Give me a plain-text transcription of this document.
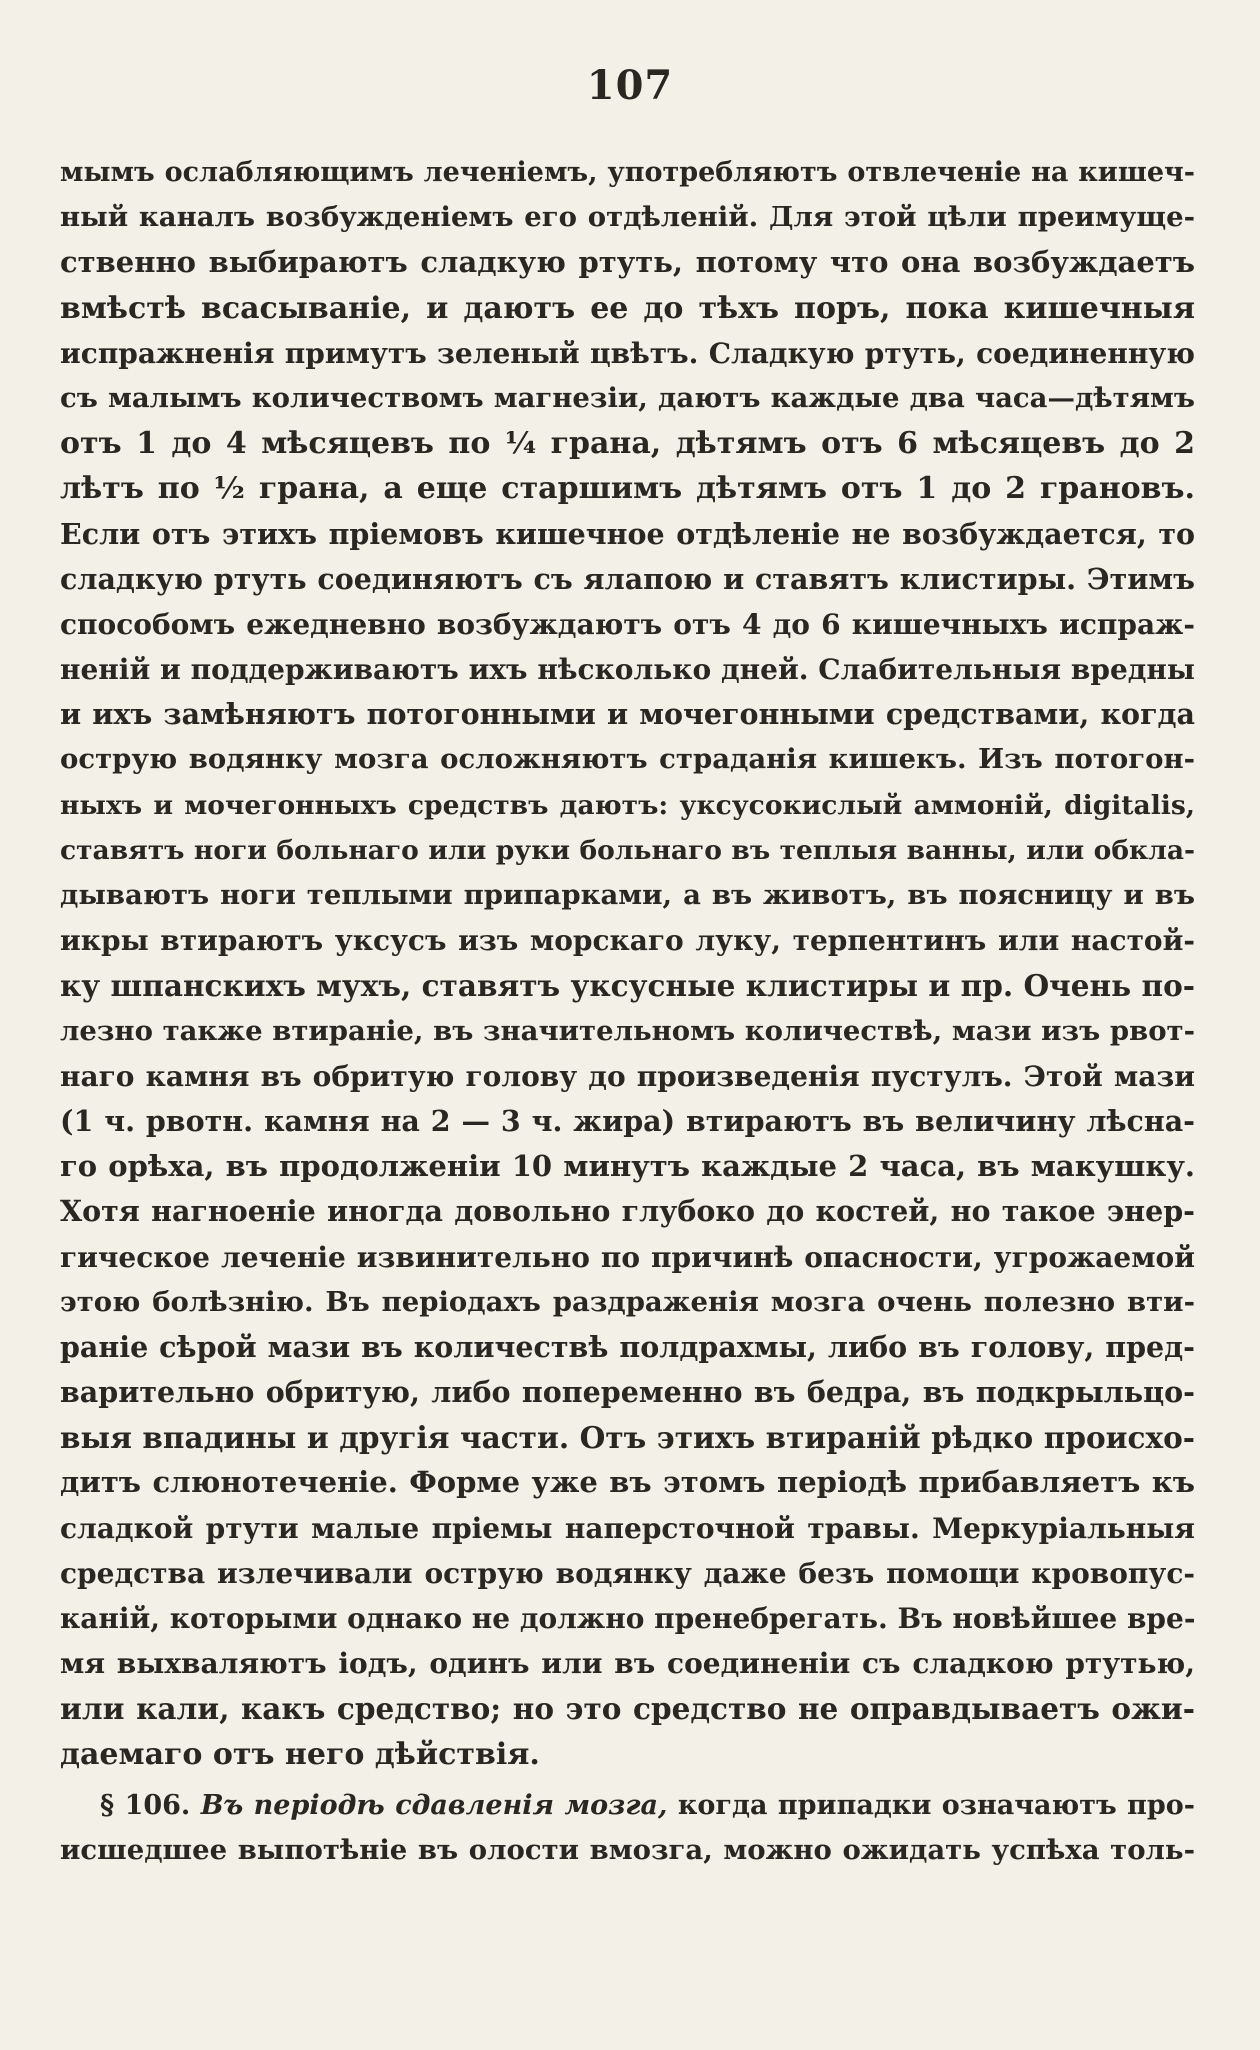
107
мымъ ослабляющимъ леченіемъ, употребляютъ отвлеченіе на кишеч-
ный каналъ возбужденіемъ его отдѣленій. Для этой цѣли преимуще-
ственно выбираютъ сладкую ртуть, потому что она возбуждаетъ
вмѣстѣ всасываніе, и даютъ ее до тѣхъ поръ, пока кишечныя
испражненія примутъ зеленый цвѣтъ. Сладкую ртуть, соединенную
съ малымъ количествомъ магнезіи, даютъ каждые два часа—дѣтямъ
отъ 1 до 4 мѣсяцевъ по ¼ грана, дѣтямъ отъ 6 мѣсяцевъ до 2
лѣтъ по ½ грана, а еще старшимъ дѣтямъ отъ 1 до 2 грановъ.
Если отъ этихъ пріемовъ кишечное отдѣленіе не возбуждается, то
сладкую ртуть соединяютъ съ ялапою и ставятъ клистиры. Этимъ
способомъ ежедневно возбуждаютъ отъ 4 до 6 кишечныхъ испраж-
неній и поддерживаютъ ихъ нѣсколько дней. Слабительныя вредны
и ихъ замѣняютъ потогонными и мочегонными средствами, когда
острую водянку мозга осложняютъ страданія кишекъ. Изъ потогон-
ныхъ и мочегонныхъ средствъ даютъ: уксусокислый аммоній, digitalis,
ставятъ ноги больнаго или руки больнаго въ теплыя ванны, или обкла-
дываютъ ноги теплыми припарками, а въ животъ, въ поясницу и въ
икры втираютъ уксусъ изъ морскаго луку, терпентинъ или настой-
ку шпанскихъ мухъ, ставятъ уксусные клистиры и пр. Очень по-
лезно также втираніе, въ значительномъ количествѣ, мази изъ рвот-
наго камня въ обритую голову до произведенія пустулъ. Этой мази
(1 ч. рвотн. камня на 2 — 3 ч. жира) втираютъ въ величину лѣсна-
го орѣха, въ продолженіи 10 минутъ каждые 2 часа, въ макушку.
Хотя нагноеніе иногда довольно глубоко до костей, но такое энер-
гическое леченіе извинительно по причинѣ опасности, угрожаемой
этою болѣзнію. Въ періодахъ раздраженія мозга очень полезно вти-
раніе сѣрой мази въ количествѣ полдрахмы, либо въ голову, пред-
варительно обритую, либо попеременно въ бедра, въ подкрыльцо-
выя впадины и другія части. Отъ этихъ втираній рѣдко происхо-
дитъ слюнотеченіе. Форме уже въ этомъ періодѣ прибавляетъ къ
сладкой ртути малые пріемы наперсточной травы. Меркуріальныя
средства излечивали острую водянку даже безъ помощи кровопус-
каній, которыми однако не должно пренебрегать. Въ новѣйшее вре-
мя выхваляютъ іодъ, одинъ или въ соединеніи съ сладкою ртутью,
или кали, какъ средство; но это средство не оправдываетъ ожи-
даемаго отъ него дѣйствія.
§ 106. Въ періодѣ сдавленія мозга, когда припадки означаютъ про-
исшедшее выпотѣніе въ олости вмозга, можно ожидать успѣха толь-
